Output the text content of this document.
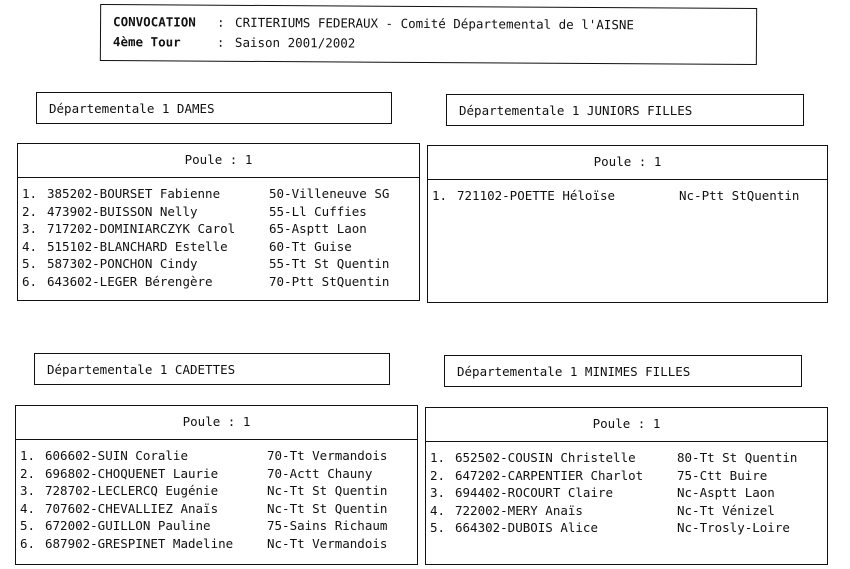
CONVOCATION : CRITERIUMS FEDERAUX - Comité Départemental de l'AISNE
4ème Tour	: Saison 2001/2002
Départementale 1 DAMES	Départementale 1 JUNIORS FILLES
Départementale 1 CADETTES	Départementale 1 MINIMES FILLES
Poule : 1
1. 385202-BOURSET Fabienne	50-Villeneuve SG
2. 473902-BUISSON Nelly	55-Ll Cuffies
3. 717202-DOMINIARCZYK Carol	65-Asptt Laon
4. 515102-BLANCHARD Estelle	60-Tt Guise
5. 587302-PONCHON Cindy	55-Tt St Quentin
6. 643602-LEGER Bérengère	70-Ptt StQuentin
Poule : 1
1. 721102-POETTE Héloïse	Nc-Ptt StQuentin
Poule : 1
1. 606602-SUIN Coralie	70-Tt Vermandois
2. 696802-CHOQUENET Laurie	70-Actt Chauny
3. 728702-LECLERCQ Eugénie	Nc-Tt St Quentin
4. 707602-CHEVALLIEZ Anaïs	Nc-Tt St Quentin
5. 672002-GUILLON Pauline	75-Sains Richaum
6. 687902-GRESPINET Madeline	Nc-Tt Vermandois
Poule : 1
1. 652502-COUSIN Christelle	80-Tt St Quentin
2. 647202-CARPENTIER Charlot	75-Ctt Buire
3. 694402-ROCOURT Claire	Nc-Asptt Laon
4. 722002-MERY Anaïs	Nc-Tt Vénizel
5. 664302-DUBOIS Alice	Nc-Trosly-Loire
